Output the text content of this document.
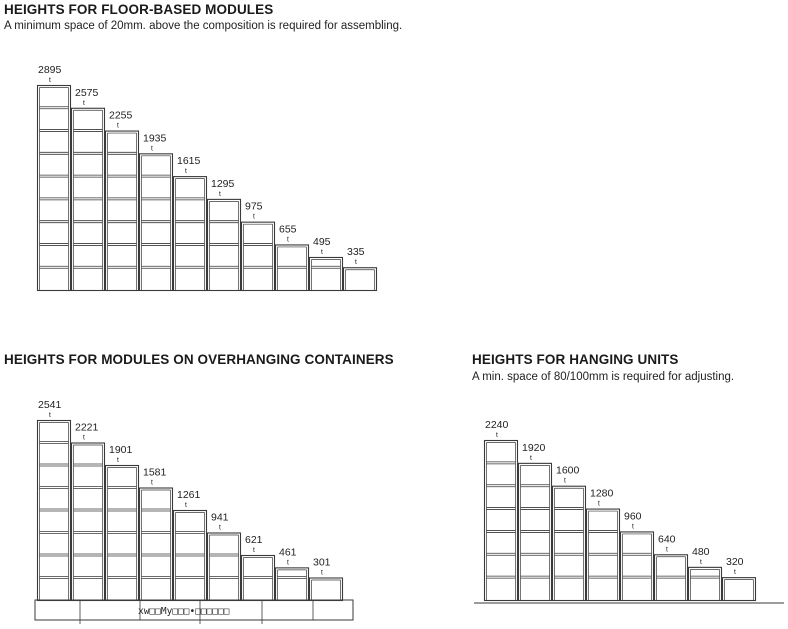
HEIGHTS FOR FLOOR-BASED MODULES
A minimum space of 20mm. above the composition is required for assembling.
HEIGHTS FOR MODULES ON OVERHANGING CONTAINERS	HEIGHTS FOR HANGING UNITS
A min. space of 80/100mm is required for adjusting.
t
2895
t
2575
t
2255
t
1935
t
1615
t
1295
t
975
t
655
t
495
t
335
t
2541
t
2221
t
1901
t
1581
t
1261
t
941
t
621
t
461
t
301
xw□□My□□□•□□□□□□
t
2240
t
1920
t
1600
t
1280
t
960
t
640
t
480
t
320
